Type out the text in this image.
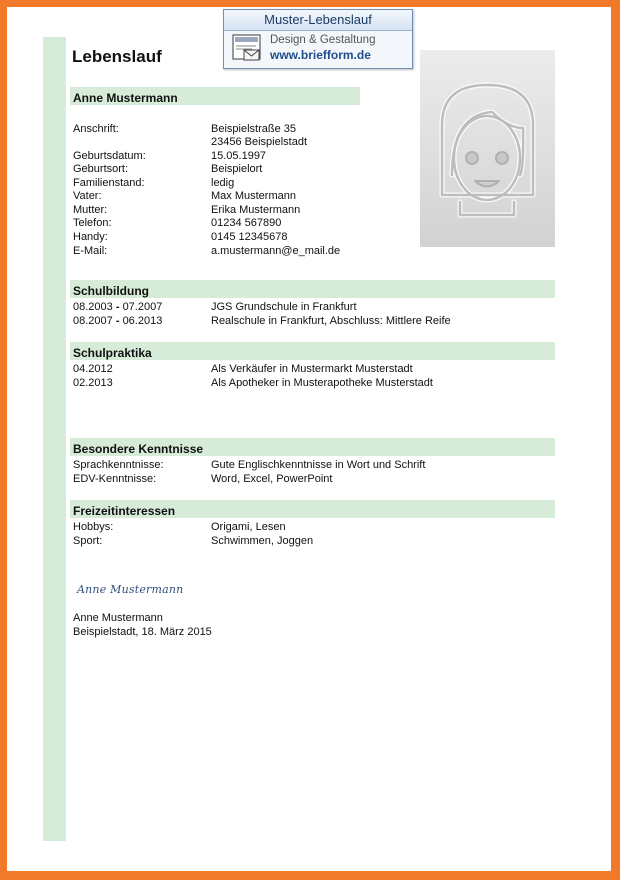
Lebenslauf
Muster-Lebenslauf
Design & Gestaltung
www.briefform.de
Anne Mustermann
Anschrift:	Beispielstraße 35
23456 Beispielstadt
Geburtsdatum:	15.05.1997
Geburtsort:	Beispielort
Familienstand:	ledig
Vater:	Max Mustermann
Mutter:	Erika Mustermann
Telefon:	01234 567890
Handy:	0145 12345678
E-Mail:	a.mustermann@e_mail.de
Schulbildung
08.2003 - 07.2007	JGS Grundschule in Frankfurt
08.2007 - 06.2013	Realschule in Frankfurt, Abschluss: Mittlere Reife
Schulpraktika
04.2012	Als Verkäufer in Mustermarkt Musterstadt
02.2013	Als Apotheker in Musterapotheke Musterstadt
Besondere Kenntnisse
Sprachkenntnisse:	Gute Englischkenntnisse in Wort und Schrift
EDV-Kenntnisse:	Word, Excel, PowerPoint
Freizeitinteressen
Hobbys:	Origami, Lesen
Sport:	Schwimmen, Joggen
Anne Mustermann
Anne Mustermann
Beispielstadt, 18. März 2015
